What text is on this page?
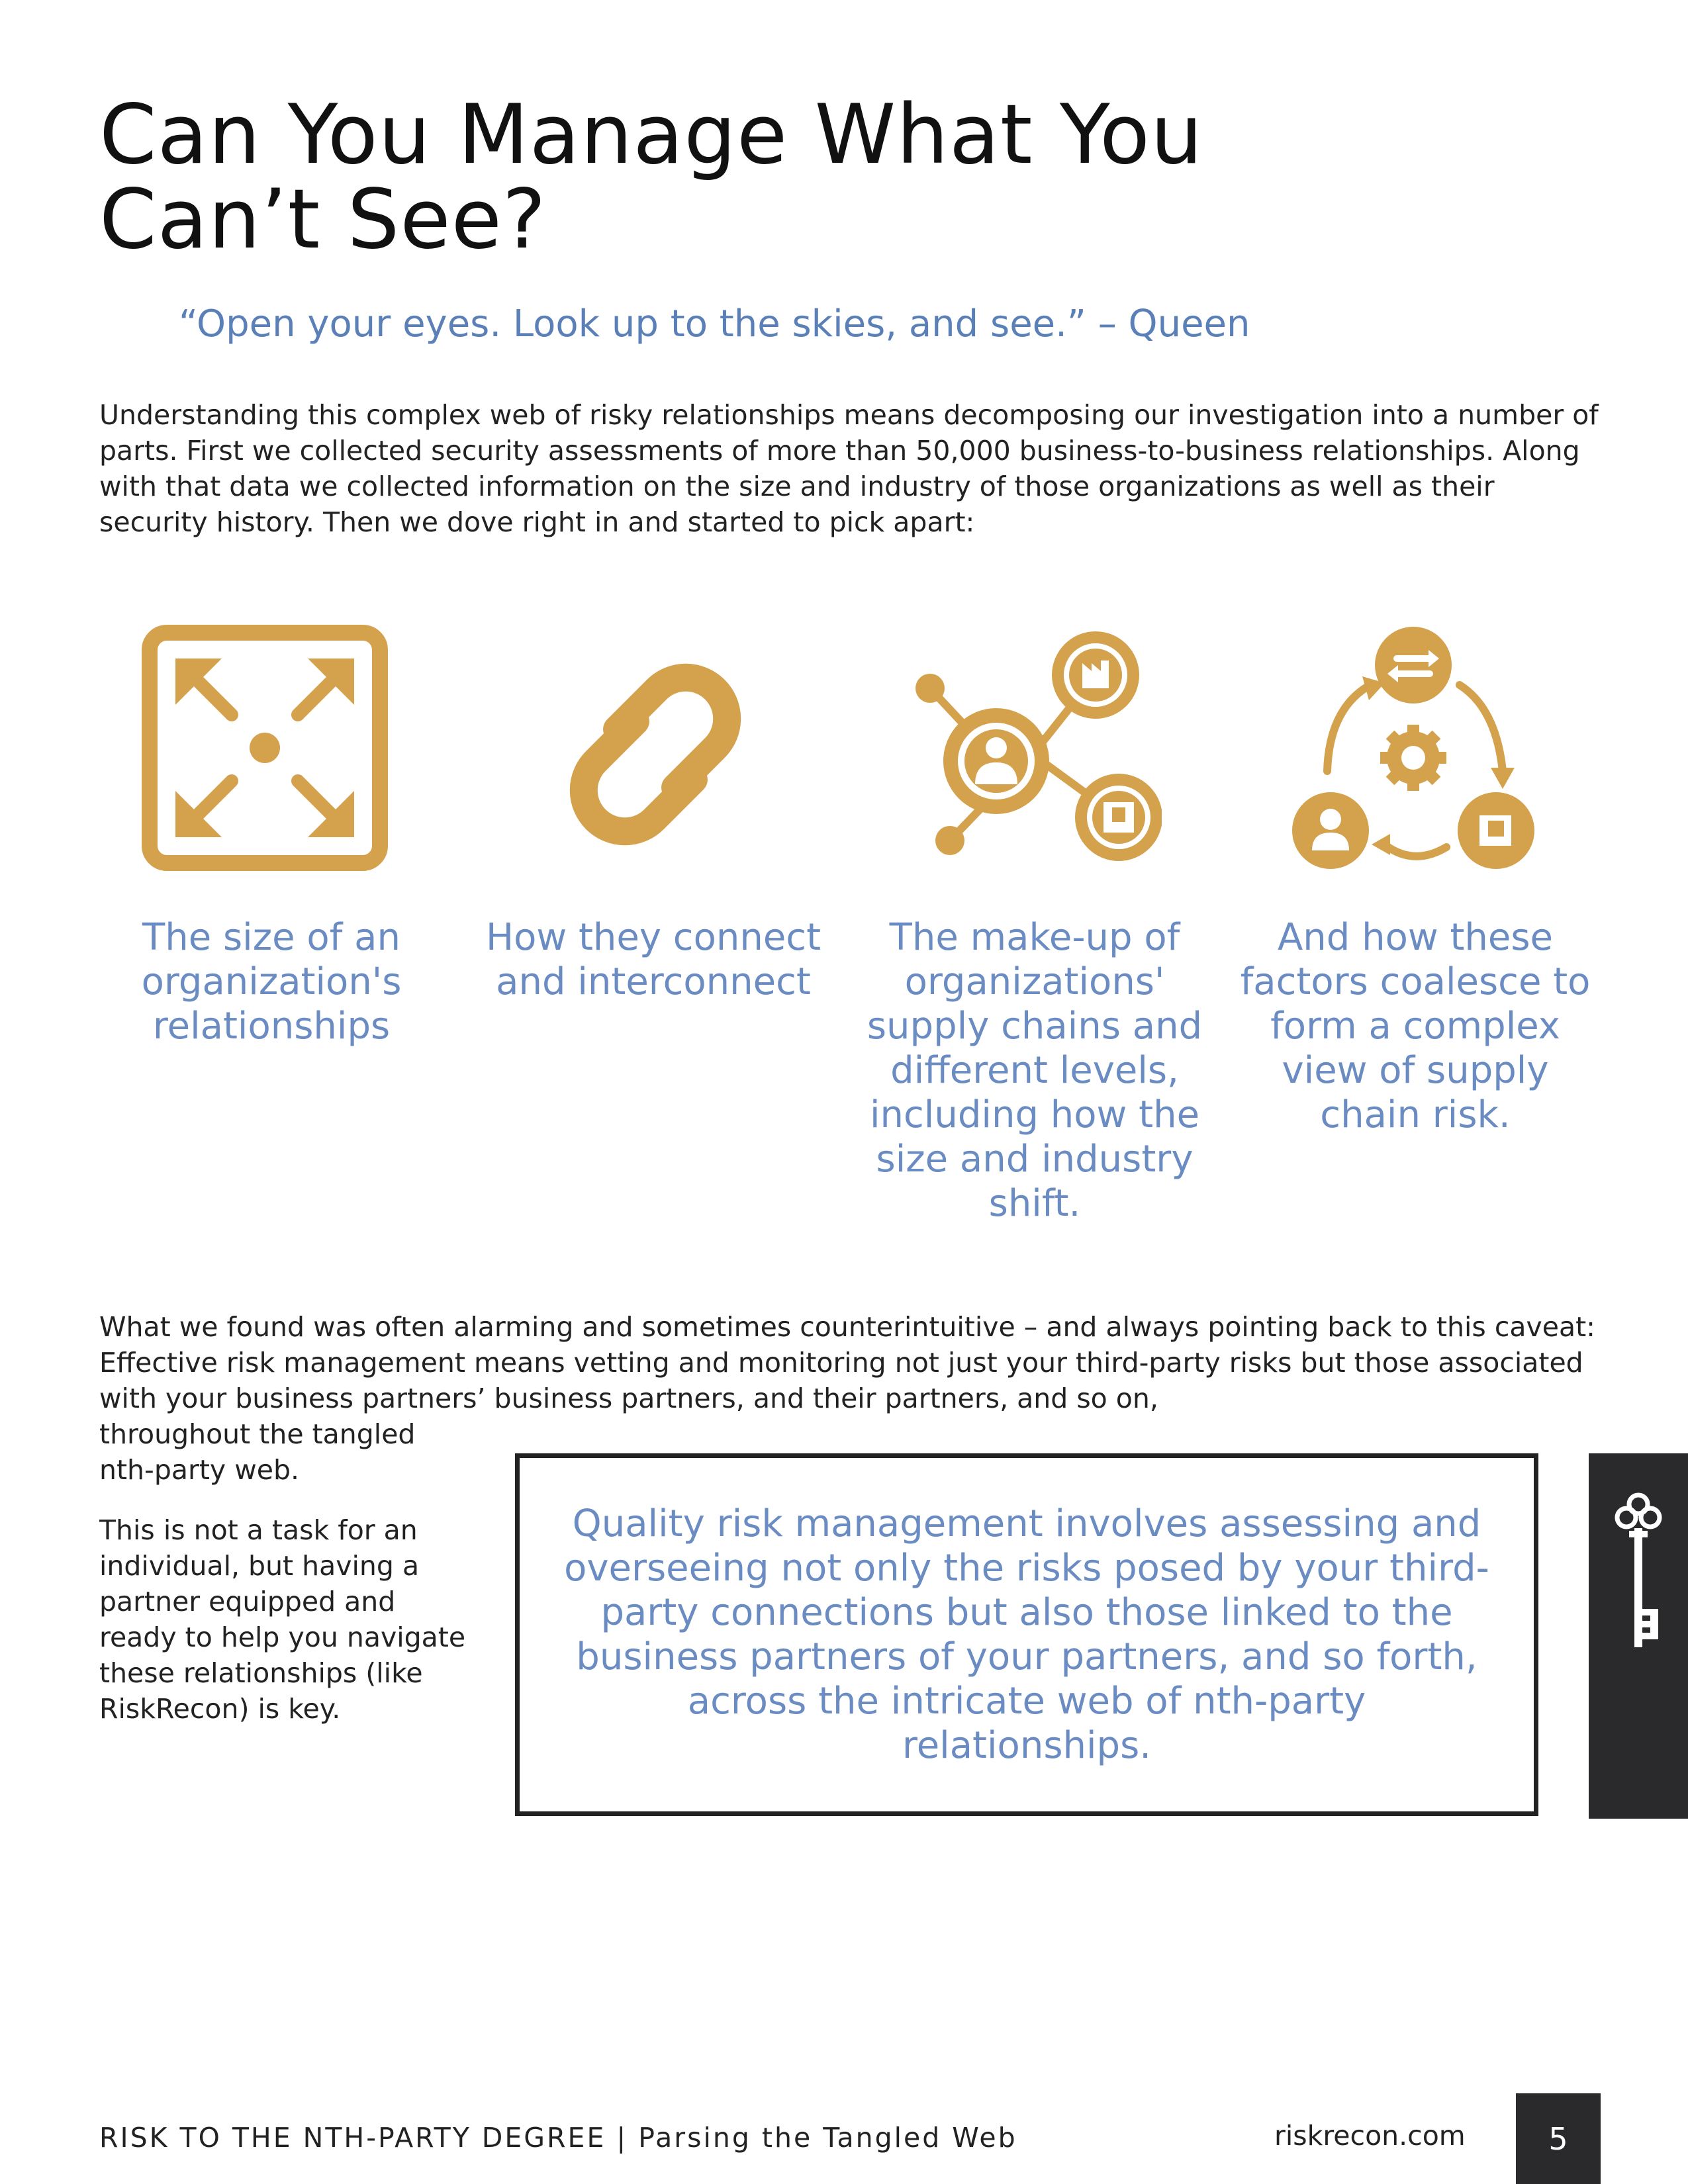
Can You Manage What You Can’t See?
“Open your eyes. Look up to the skies, and see.” – Queen

Understanding this complex web of risky relationships means decomposing our investigation into a number of parts. First we collected security assessments of more than 50,000 business-to-business relationships. Along with that data we collected information on the size and industry of those organizations as well as their security history. Then we dove right in and started to pick apart:

The size of an organization's relationships
How they connect and interconnect
The make-up of organizations' supply chains and different levels, including how the size and industry shift.
And how these factors coalesce to form a complex view of supply chain risk.

What we found was often alarming and sometimes counterintuitive – and always pointing back to this caveat: Effective risk management means vetting and monitoring not just your third-party risks but those associated with your business partners’ business partners, and their partners, and so on,

throughout the tangled nth-party web.

This is not a task for an individual, but having a partner equipped and ready to help you navigate these relationships (like RiskRecon) is key.

Quality risk management involves assessing and overseeing not only the risks posed by your third-party connections but also those linked to the business partners of your partners, and so forth, across the intricate web of nth-party relationships.
RISK TO THE NTH-PARTY DEGREE | Parsing the Tangled Web	riskrecon.com	5
